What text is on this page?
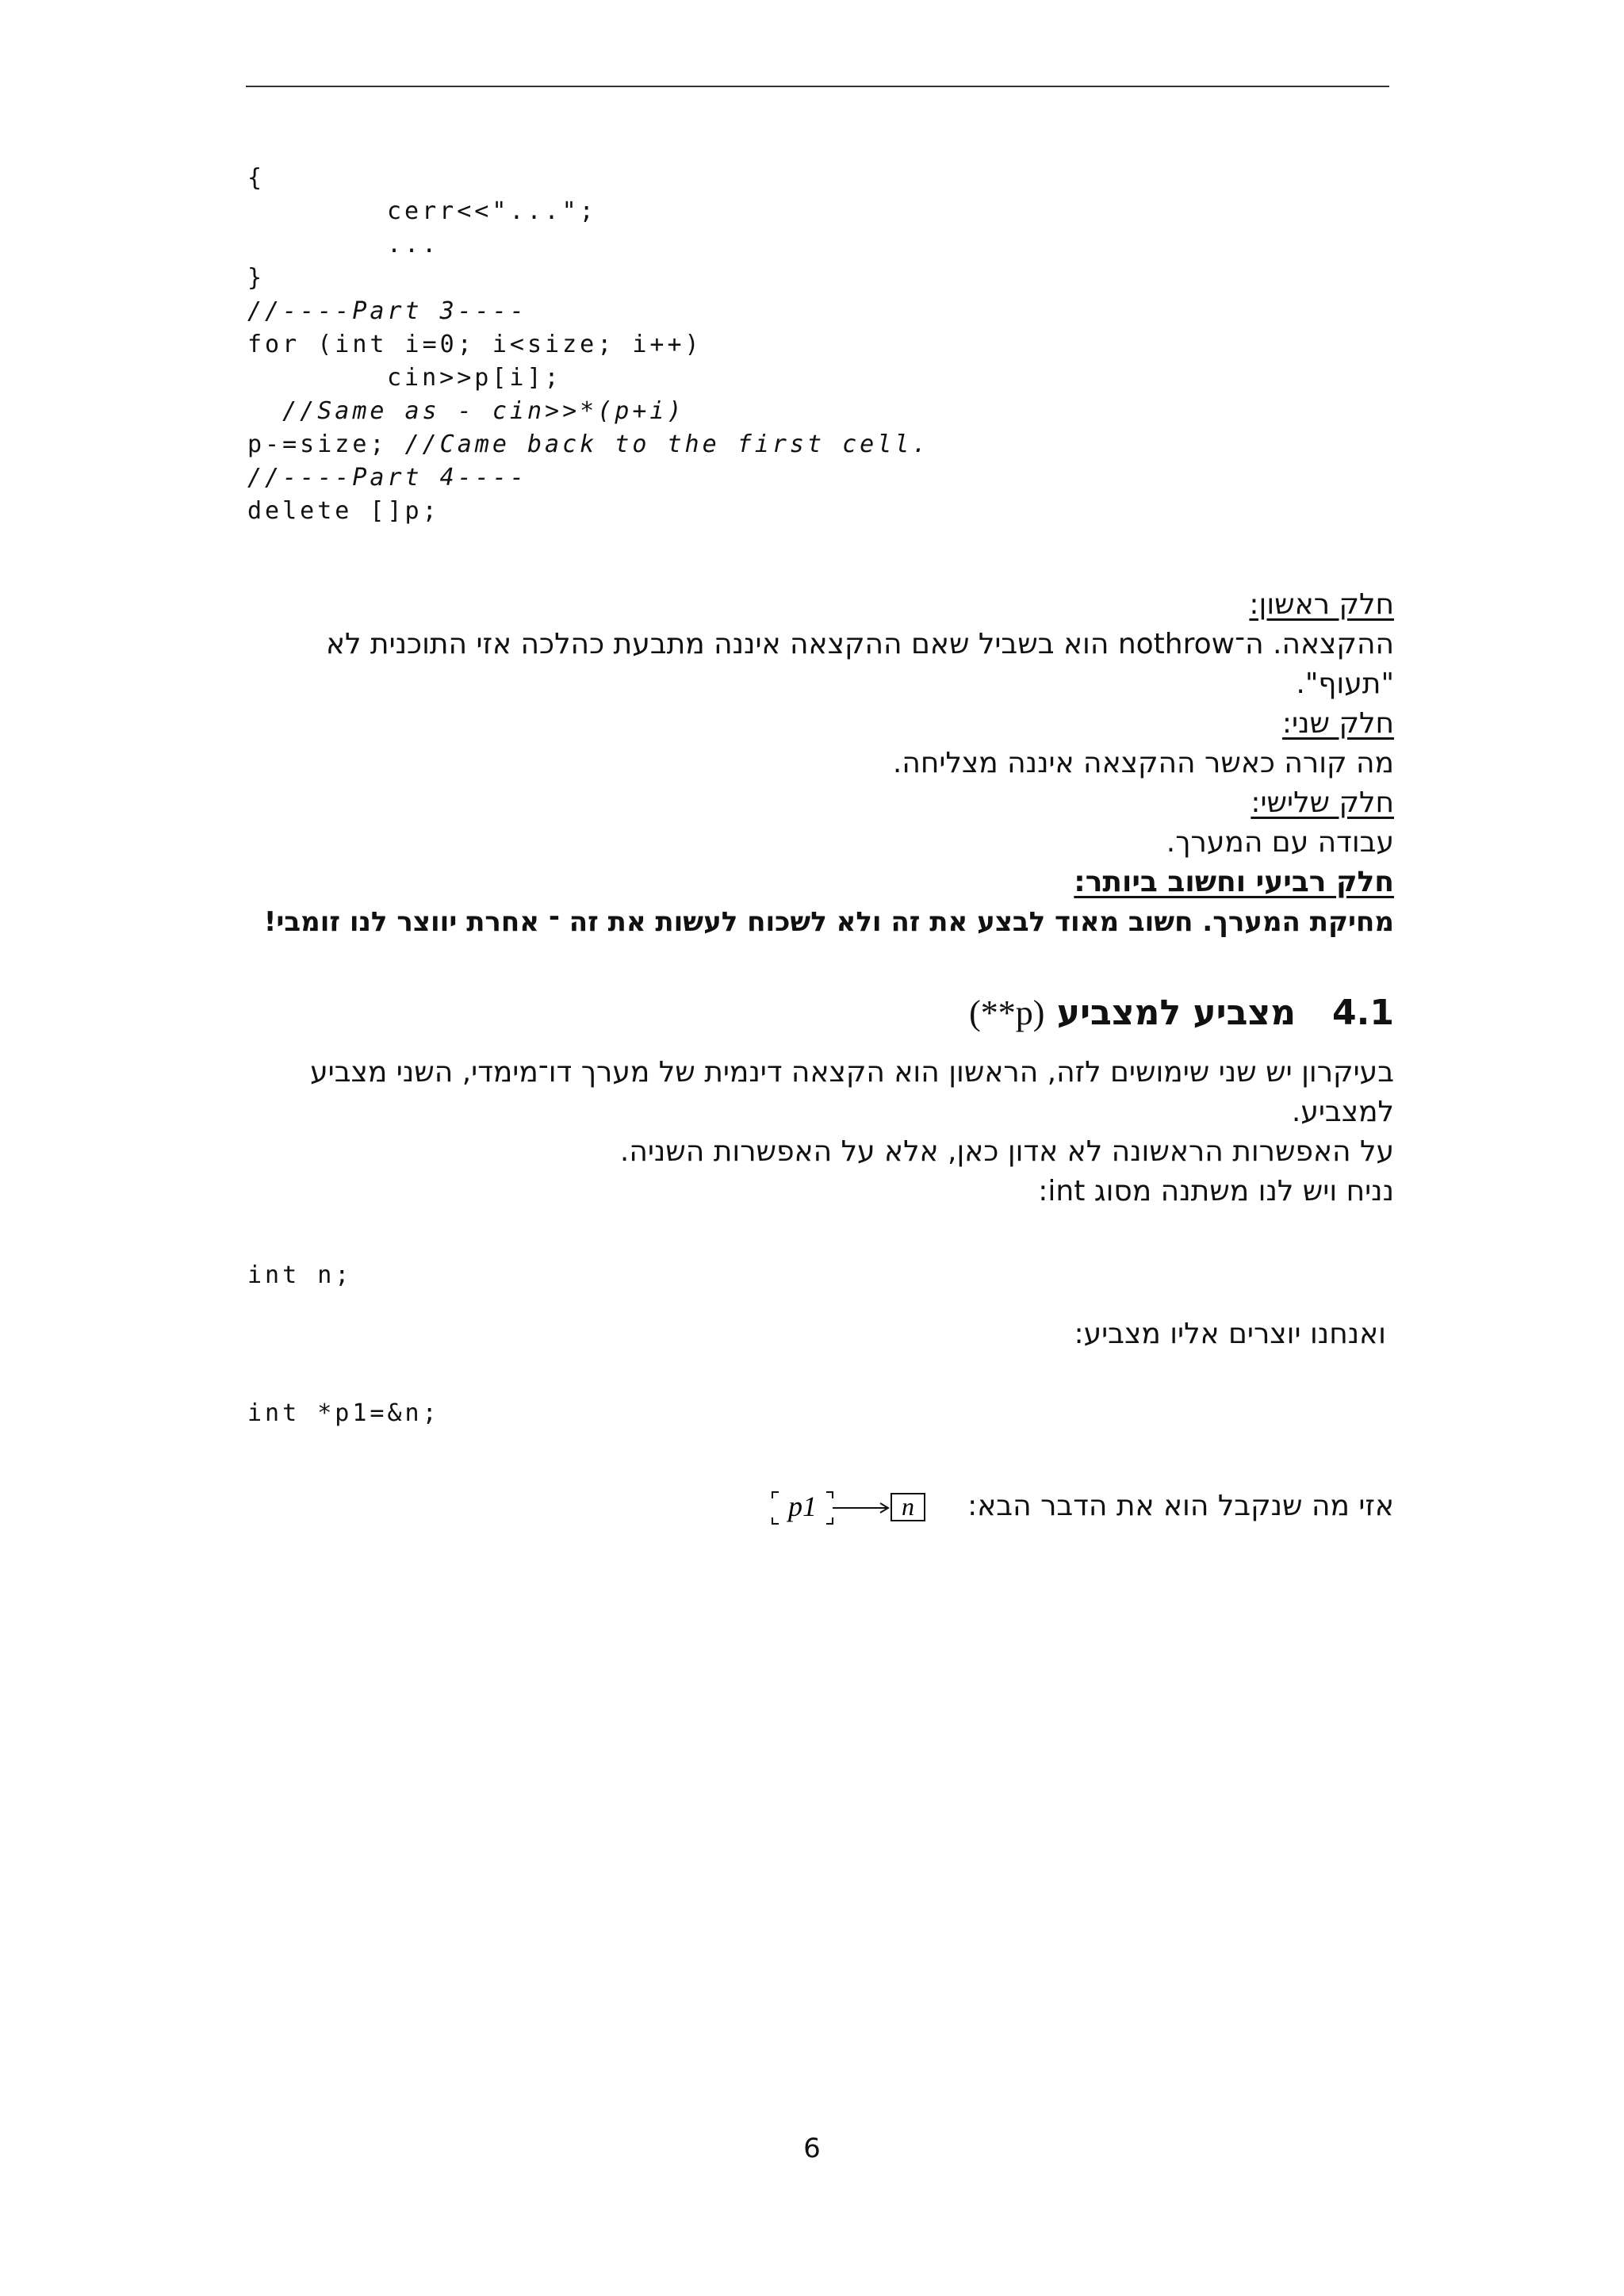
{
cerr<<"...";
...
}
//----Part 3----
for (int i=0; i<size; i++)
cin>>p[i];
//Same as - cin>>*(p+i)
p-=size; //Came back to the first cell.
//----Part 4----
delete []p;
חלק ראשון:
ההקצאה. ה־nothrow הוא בשביל שאם ההקצאה איננה מתבעת כהלכה אזי התוכנית לא "תעוף".
חלק שני:
מה קורה כאשר ההקצאה איננה מצליחה.
חלק שלישי:
עבודה עם המערך.
חלק רביעי וחשוב ביותר:
מחיקת המערך. חשוב מאוד לבצע את זה ולא לשכוח לעשות את זה ־ אחרת יווצר לנו זומבי!
4.1מצביע למצביע (**p)
בעיקרון יש שני שימושים לזה, הראשון הוא הקצאה דינמית של מערך דו־מימדי, השני מצביע למצביע.
על האפשרות הראשונה לא אדון כאן, אלא על האפשרות השניה.
נניח ויש לנו משתנה מסוג int:
int n;
ואנחנו יוצרים אליו מצביע:
int *p1=&n;
אזי מה שנקבל הוא את הדבר הבא:
p1	n
6
